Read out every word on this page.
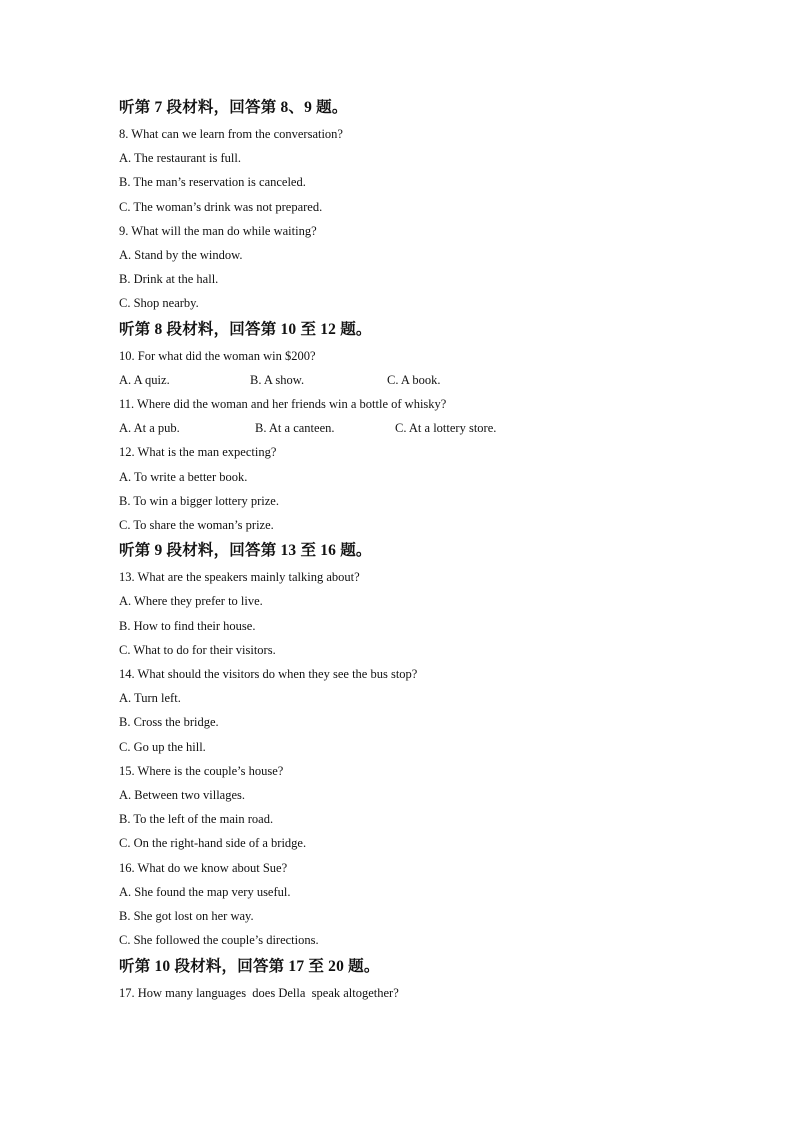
听第 7 段材料，回答第 8、9 题。
8. What can we learn from the conversation?
A. The restaurant is full.
B. The man’s reservation is canceled.
C. The woman’s drink was not prepared.
9. What will the man do while waiting?
A. Stand by the window.
B. Drink at the hall.
C. Shop nearby.
听第 8 段材料，回答第 10 至 12 题。
10. For what did the woman win $200?
A. A quiz.	B. A show.	C. A book.
11. Where did the woman and her friends win a bottle of whisky?
A. At a pub.	B. At a canteen.	C. At a lottery store.
12. What is the man expecting?
A. To write a better book.
B. To win a bigger lottery prize.
C. To share the woman’s prize.
听第 9 段材料，回答第 13 至 16 题。
13. What are the speakers mainly talking about?
A. Where they prefer to live.
B. How to find their house.
C. What to do for their visitors.
14. What should the visitors do when they see the bus stop?
A. Turn left.
B. Cross the bridge.
C. Go up the hill.
15. Where is the couple’s house?
A. Between two villages.
B. To the left of the main road.
C. On the right-hand side of a bridge.
16. What do we know about Sue?
A. She found the map very useful.
B. She got lost on her way.
C. She followed the couple’s directions.
听第 10 段材料，回答第 17 至 20 题。
17. How many languages  does Della  speak altogether?
